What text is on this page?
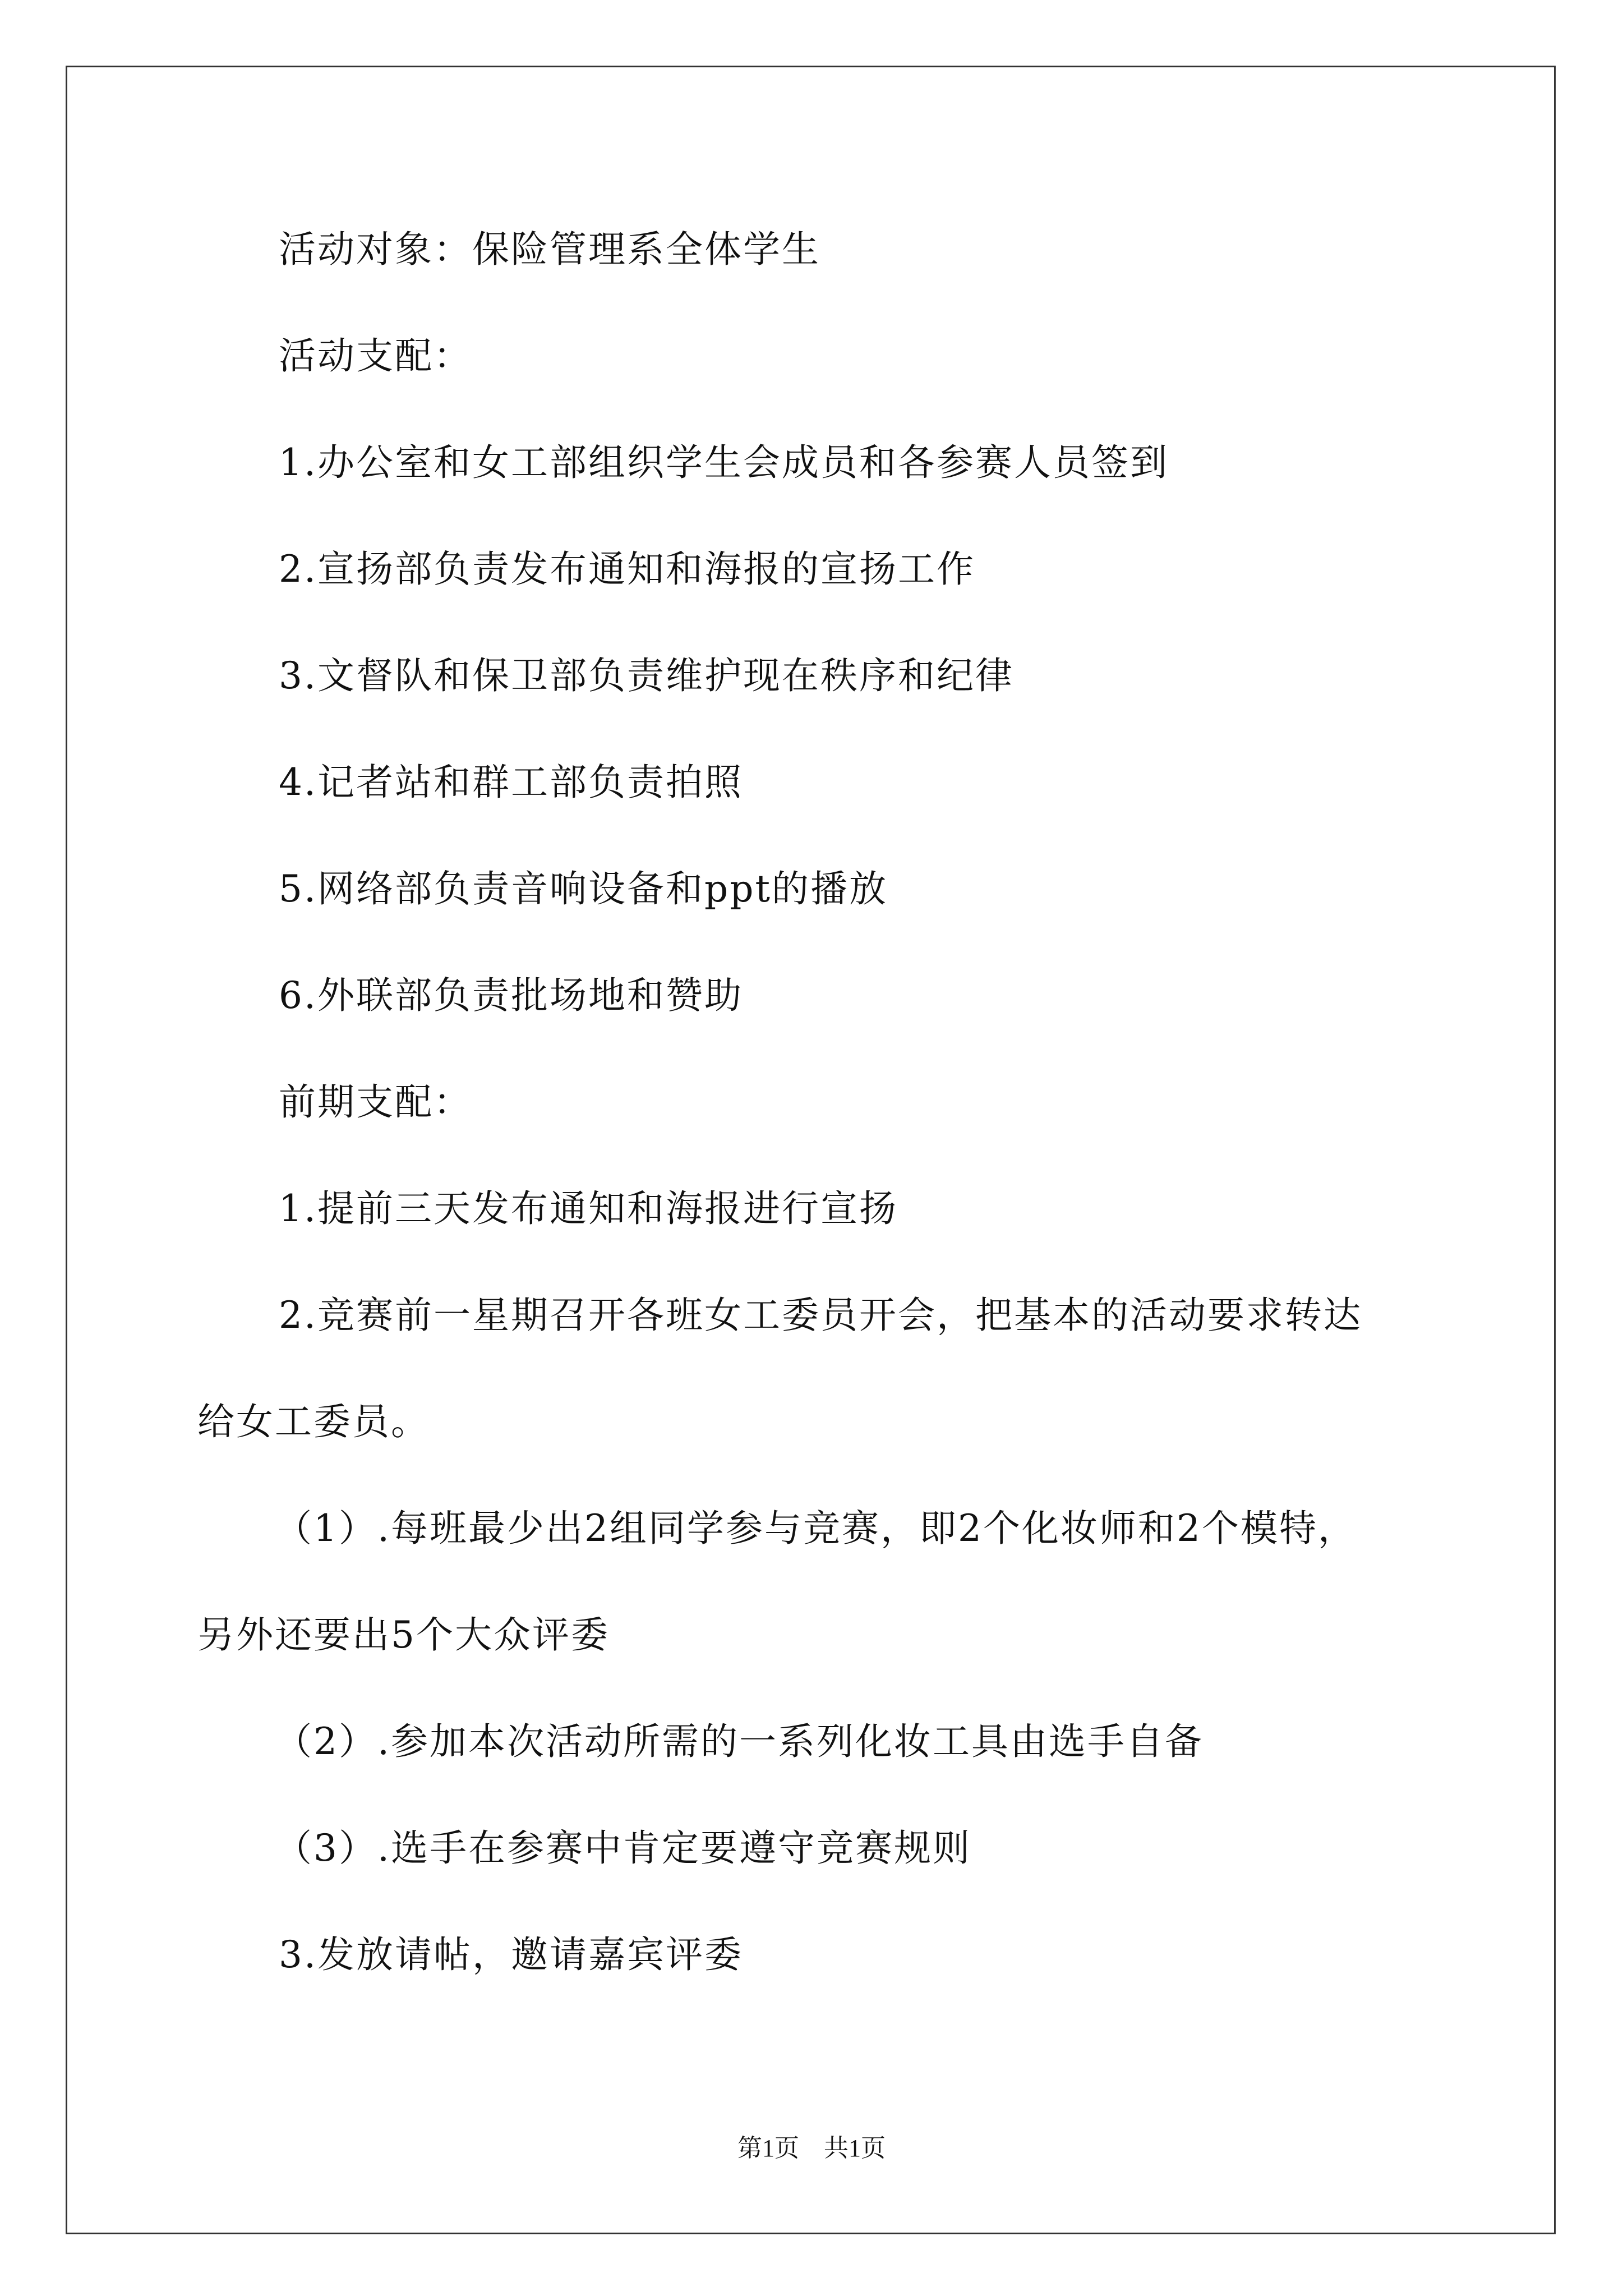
活动对象：保险管理系全体学生
活动支配：
1.办公室和女工部组织学生会成员和各参赛人员签到
2.宣扬部负责发布通知和海报的宣扬工作
3.文督队和保卫部负责维护现在秩序和纪律
4.记者站和群工部负责拍照
5.网络部负责音响设备和ppt的播放
6.外联部负责批场地和赞助
前期支配：
1.提前三天发布通知和海报进行宣扬
2.竞赛前一星期召开各班女工委员开会，把基本的活动要求转达
给女工委员。
（1）.每班最少出2组同学参与竞赛，即2个化妆师和2个模特，
另外还要出5个大众评委
（2）.参加本次活动所需的一系列化妆工具由选手自备
（3）.选手在参赛中肯定要遵守竞赛规则
3.发放请帖，邀请嘉宾评委
第1页　共1页
